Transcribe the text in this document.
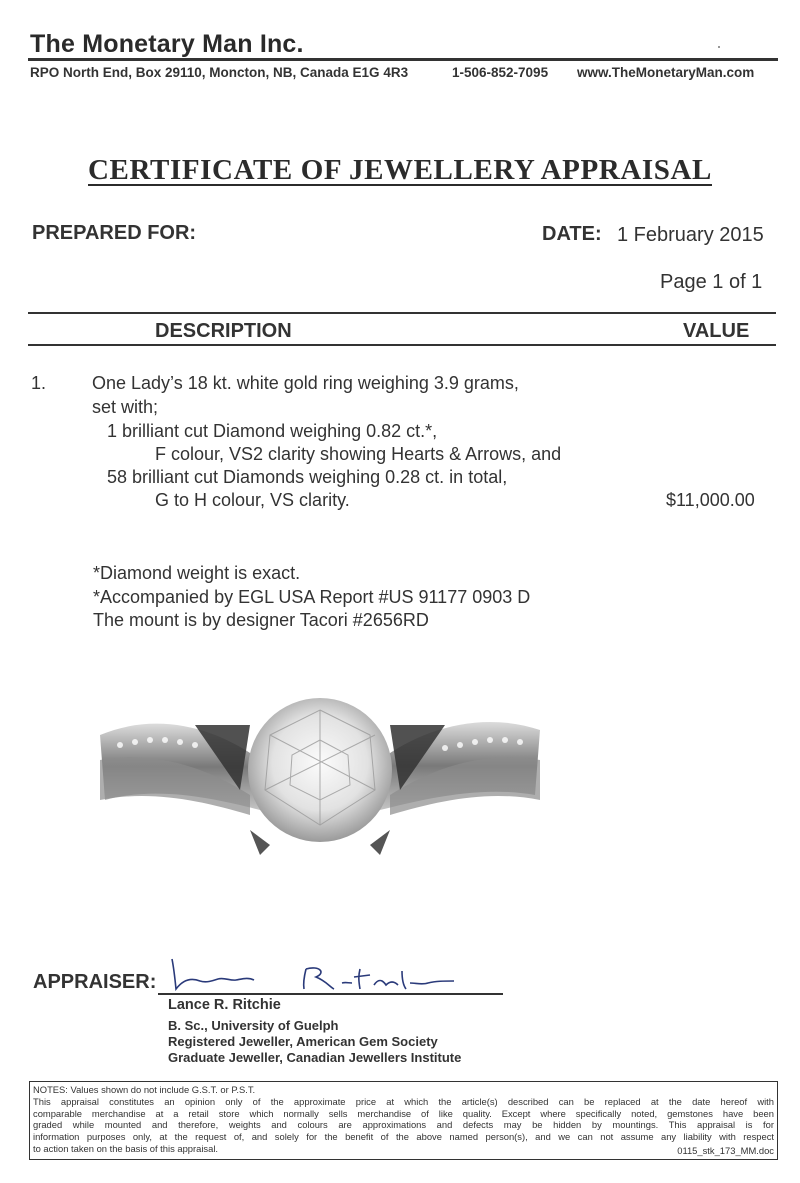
The Monetary Man Inc.
RPO North End, Box 29110, Moncton, NB, Canada E1G 4R3	1-506-852-7095 www.TheMonetaryMan.com
CERTIFICATE OF JEWELLERY APPRAISAL
PREPARED FOR:	DATE: 1 February 2015
Page 1 of 1
DESCRIPTION	VALUE
1.	One Lady’s 18 kt. white gold ring weighing 3.9 grams,
set with;
1 brilliant cut Diamond weighing 0.82 ct.*,
F colour, VS2 clarity showing Hearts & Arrows, and
58 brilliant cut Diamonds weighing 0.28 ct. in total,
G to H colour, VS clarity.	$11,000.00
*Diamond weight is exact.
*Accompanied by EGL USA Report #US 91177 0903 D
The mount is by designer Tacori #2656RD
APPRAISER:
Lance R. Ritchie
B. Sc., University of Guelph
Registered Jeweller, American Gem Society
Graduate Jeweller, Canadian Jewellers Institute

NOTES: Values shown do not include G.S.T. or P.S.T.

This appraisal constitutes an opinion only of the approximate price at which the article(s) described can be replaced at the date hereof with

comparable merchandise at a retail store which normally sells merchandise of like quality. Except where specifically noted, gemstones have been

graded while mounted and therefore, weights and colours are approximations and defects may be hidden by mountings. This appraisal is for

information purposes only, at the request of, and solely for the benefit of the above named person(s), and we can not assume any liability with respect

to action taken on the basis of this appraisal.	0115_stk_173_MM.doc
